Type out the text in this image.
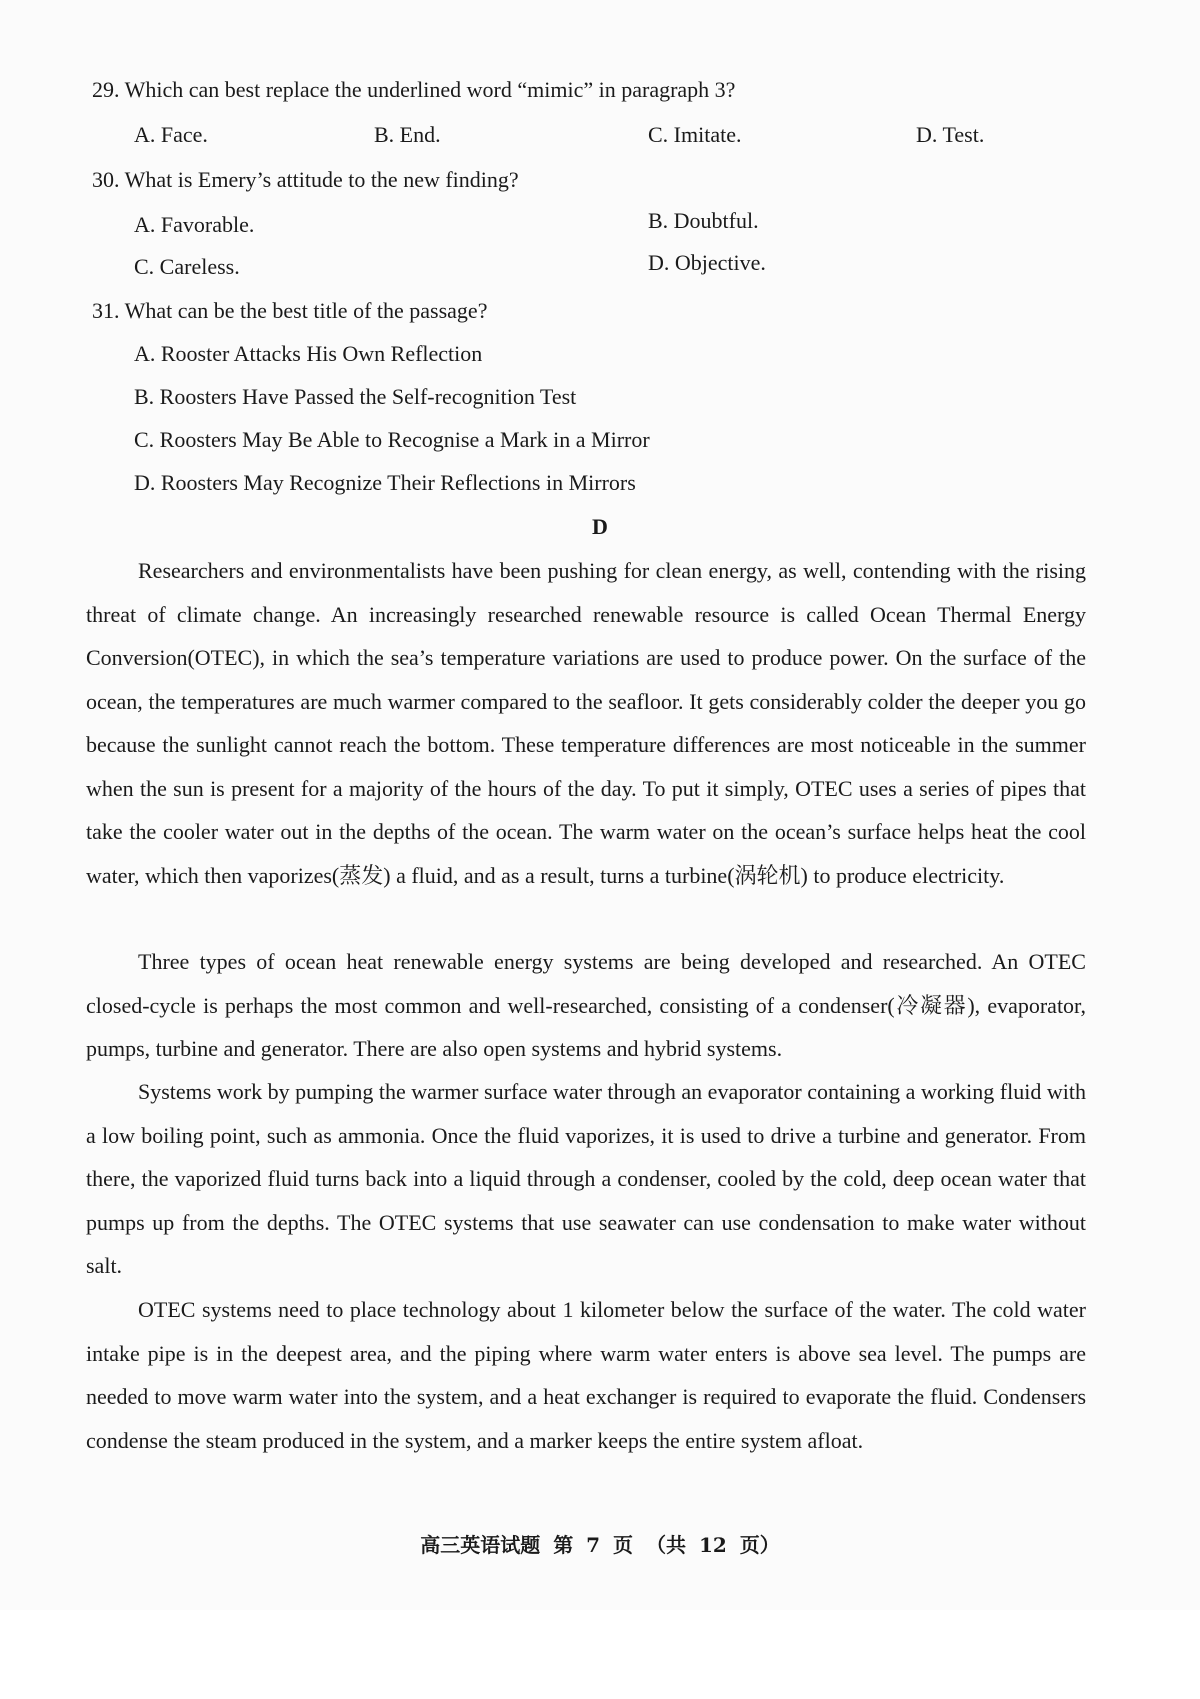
29. Which can best replace the underlined word “mimic” in paragraph 3?
A. Face.	B. End.	C. Imitate.	D. Test.
30. What is Emery’s attitude to the new finding?
A. Favorable.	B. Doubtful.
C. Careless.	D. Objective.
31. What can be the best title of the passage?
A. Rooster Attacks His Own Reflection
B. Roosters Have Passed the Self-recognition Test
C. Roosters May Be Able to Recognise a Mark in a Mirror
D. Roosters May Recognize Their Reflections in Mirrors
D
Researchers and environmentalists have been pushing for clean energy, as well, contending with the rising threat of climate change. An increasingly researched renewable resource is called Ocean Thermal Energy Conversion(OTEC), in which the sea’s temperature variations are used to produce power. On the surface of the ocean, the temperatures are much warmer compared to the seafloor. It gets considerably colder the deeper you go because the sunlight cannot reach the bottom. These temperature differences are most noticeable in the summer when the sun is present for a majority of the hours of the day. To put it simply, OTEC uses a series of pipes that take the cooler water out in the depths of the ocean. The warm water on the ocean’s surface helps heat the cool water, which then vaporizes(蒸发) a fluid, and as a result, turns a turbine(涡轮机) to produce electricity.
Three types of ocean heat renewable energy systems are being developed and researched. An OTEC closed-cycle is perhaps the most common and well-researched, consisting of a condenser(冷凝器), evaporator, pumps, turbine and generator. There are also open systems and hybrid systems.
Systems work by pumping the warmer surface water through an evaporator containing a working fluid with a low boiling point, such as ammonia. Once the fluid vaporizes, it is used to drive a turbine and generator. From there, the vaporized fluid turns back into a liquid through a condenser, cooled by the cold, deep ocean water that pumps up from the depths. The OTEC systems that use seawater can use condensation to make water without salt.
OTEC systems need to place technology about 1 kilometer below the surface of the water. The cold water intake pipe is in the deepest area, and the piping where warm water enters is above sea level. The pumps are needed to move warm water into the system, and a heat exchanger is required to evaporate the fluid. Condensers condense the steam produced in the system, and a marker keeps the entire system afloat.
高三英语试题 第 7 页 （共 12 页）
